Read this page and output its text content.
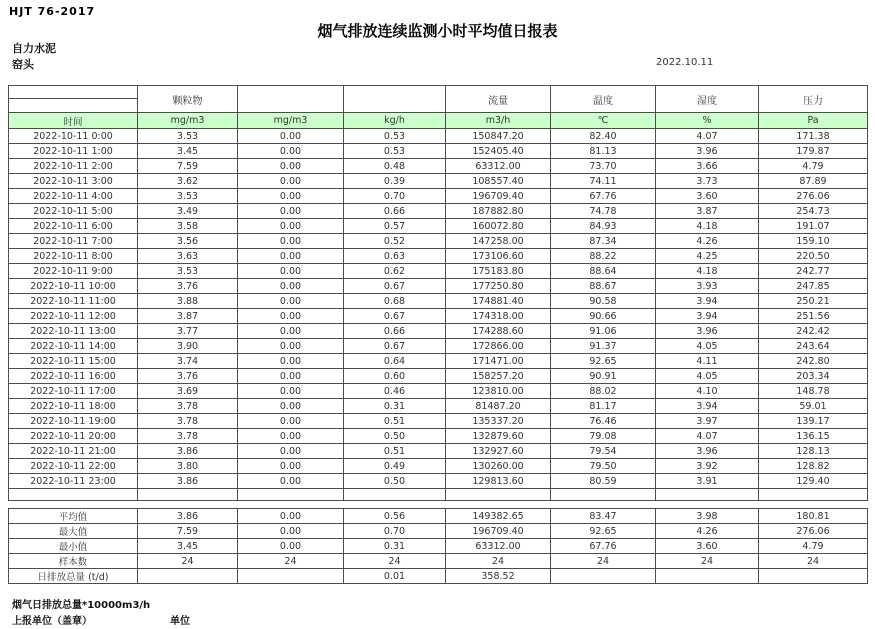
HJT 76-2017
烟气排放连续监测小时平均值日报表
自力水泥
窑头	2022.10.11
	颗粒物			流量	温度	湿度	压力

时间	mg/m3	mg/m3	kg/h	m3/h	℃	%	Pa
2022-10-11 0:00	3.53	0.00	0.53	150847.20	82.40	4.07	171.38
2022-10-11 1:00	3.45	0.00	0.53	152405.40	81.13	3.96	179.87
2022-10-11 2:00	7.59	0.00	0.48	63312.00	73.70	3.66	4.79
2022-10-11 3:00	3.62	0.00	0.39	108557.40	74.11	3.73	87.89
2022-10-11 4:00	3.53	0.00	0.70	196709.40	67.76	3.60	276.06
2022-10-11 5:00	3.49	0.00	0.66	187882.80	74.78	3.87	254.73
2022-10-11 6:00	3.58	0.00	0.57	160072.80	84.93	4.18	191.07
2022-10-11 7:00	3.56	0.00	0.52	147258.00	87.34	4.26	159.10
2022-10-11 8:00	3.63	0.00	0.63	173106.60	88.22	4.25	220.50
2022-10-11 9:00	3.53	0.00	0.62	175183.80	88.64	4.18	242.77
2022-10-11 10:00	3.76	0.00	0.67	177250.80	88.67	3.93	247.85
2022-10-11 11:00	3.88	0.00	0.68	174881.40	90.58	3.94	250.21
2022-10-11 12:00	3.87	0.00	0.67	174318.00	90.66	3.94	251.56
2022-10-11 13:00	3.77	0.00	0.66	174288.60	91.06	3.96	242.42
2022-10-11 14:00	3.90	0.00	0.67	172866.00	91.37	4.05	243.64
2022-10-11 15:00	3.74	0.00	0.64	171471.00	92.65	4.11	242.80
2022-10-11 16:00	3.76	0.00	0.60	158257.20	90.91	4.05	203.34
2022-10-11 17:00	3.69	0.00	0.46	123810.00	88.02	4.10	148.78
2022-10-11 18:00	3.78	0.00	0.31	81487.20	81.17	3.94	59.01
2022-10-11 19:00	3.78	0.00	0.51	135337.20	76.46	3.97	139.17
2022-10-11 20:00	3.78	0.00	0.50	132879.60	79.08	4.07	136.15
2022-10-11 21:00	3.86	0.00	0.51	132927.60	79.54	3.96	128.13
2022-10-11 22:00	3.80	0.00	0.49	130260.00	79.50	3.92	128.82
2022-10-11 23:00	3.86	0.00	0.50	129813.60	80.59	3.91	129.40

平均值	3.86	0.00	0.56	149382.65	83.47	3.98	180.81
最大值	7.59	0.00	0.70	196709.40	92.65	4.26	276.06
最小值	3.45	0.00	0.31	63312.00	67.76	3.60	4.79
样本数	24	24	24	24	24	24	24
日排放总量 (t/d)			0.01	358.52			
烟气日排放总量*10000m3/h
上报单位（盖章）	单位
